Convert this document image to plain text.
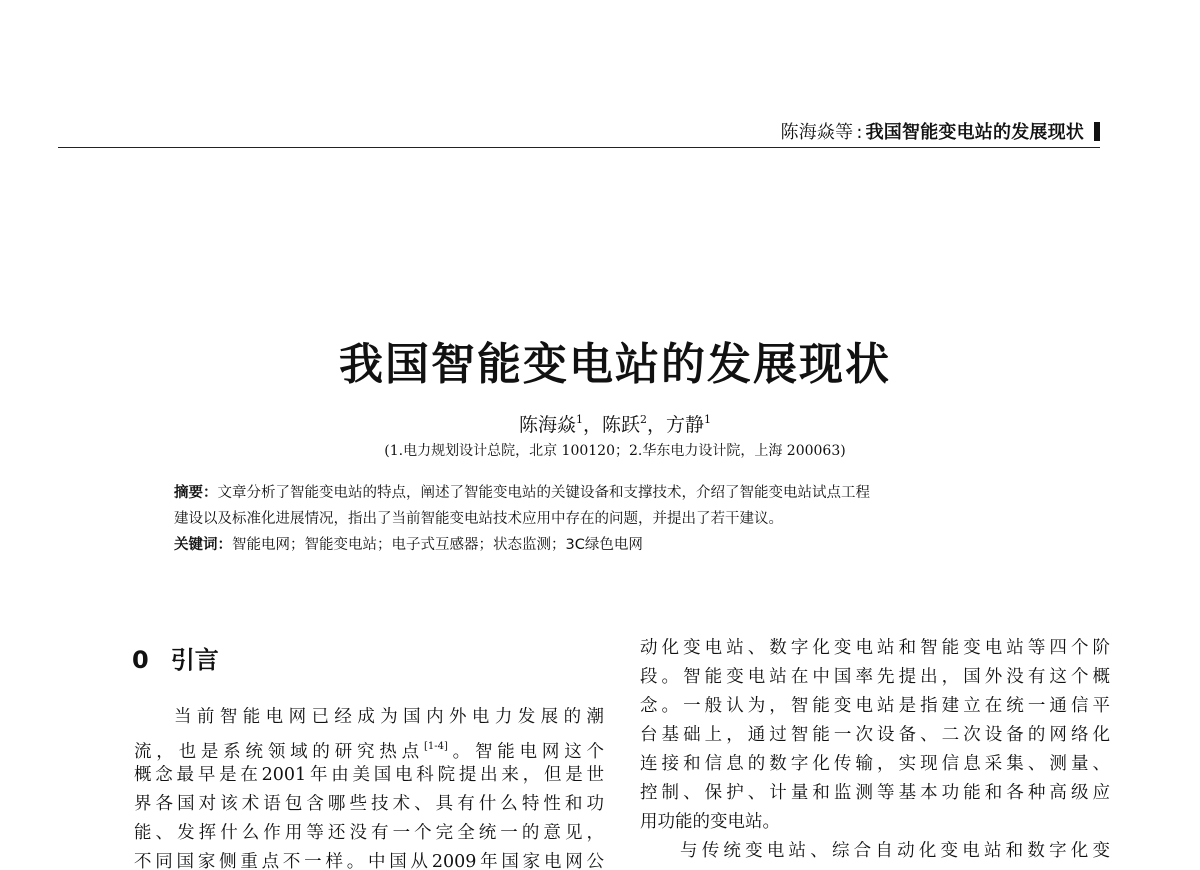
陈海焱等 : 我国智能变电站的发展现状
我国智能变电站的发展现状
陈海焱$^1$，陈跃$^2$，方静$^1$
(1.电力规划设计总院，北京 100120；2.华东电力设计院，上海 200063)
摘要：文章分析了智能变电站的特点，阐述了智能变电站的关键设备和支撑技术，介绍了智能变电站试点工程
建设以及标准化进展情况，指出了当前智能变电站技术应用中存在的问题，并提出了若干建议。
关键词：智能电网；智能变电站；电子式互感器；状态监测；3C绿色电网
0 引言
当前智能电网已经成为国内外电力发展的潮
流，也是系统领域的研究热点[1-4]。智能电网这个
概念最早是在2001年由美国电科院提出来，但是世
界各国对该术语包含哪些技术、具有什么特性和功
能、发挥什么作用等还没有一个完全统一的意见，
不同国家侧重点不一样。中国从2009年国家电网公
动化变电站、数字化变电站和智能变电站等四个阶
段。智能变电站在中国率先提出，国外没有这个概
念。一般认为，智能变电站是指建立在统一通信平
台基础上，通过智能一次设备、二次设备的网络化
连接和信息的数字化传输，实现信息采集、测量、
控制、保护、计量和监测等基本功能和各种高级应
用功能的变电站。
与传统变电站、综合自动化变电站和数字化变
